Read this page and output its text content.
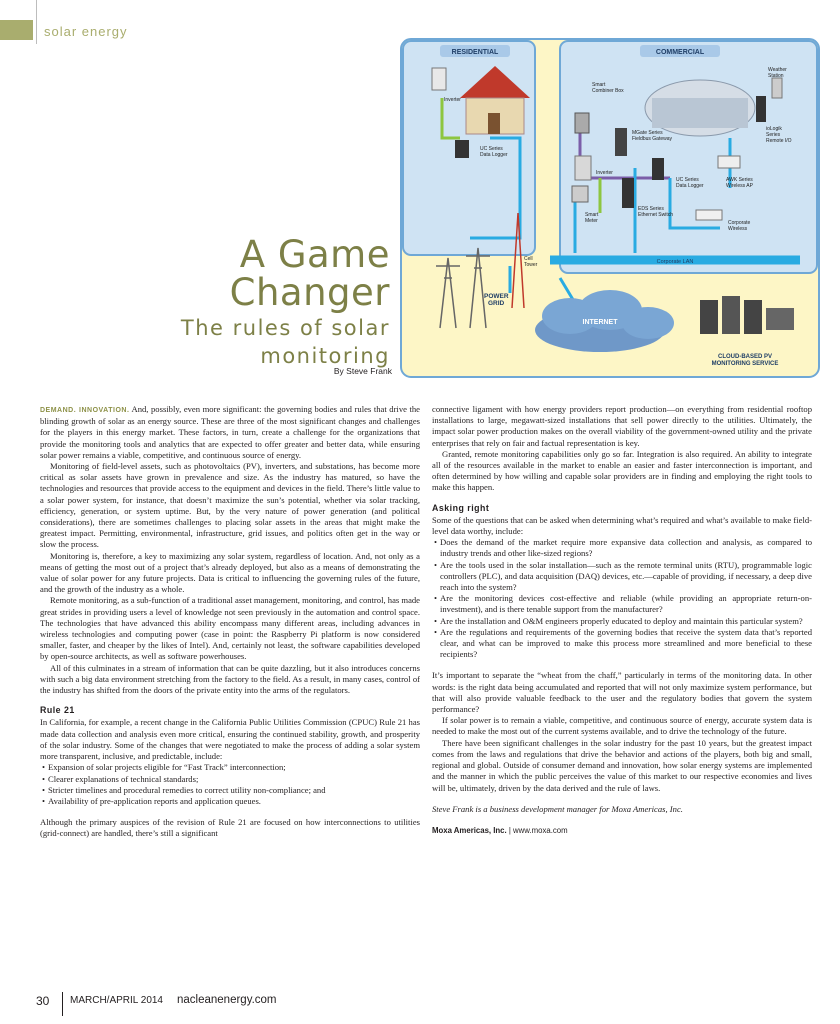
solar energy
A Game
Changer
The rules of solar
monitoring
By Steve Frank
RESIDENTIAL	COMMERCIAL
Corporate LAN
Inverter
UC Series
Data Logger
Smart
Combiner Box
MGate Series
Fieldbus Gateway
Weather
Station
ioLogik
Series
Remote I/O
Inverter
UC Series
Data Logger
AWK Series
Wireless AP
EDS Series
Ethernet Switch
Smart
Meter	Corporate
Wireless
Cell
Tower
POWER
GRID
INTERNET
CLOUD-BASED PV
MONITORING SERVICE

DEMAND. INNOVATION. And, possibly, even more significant: the governing bodies and rules that drive the blinding growth of solar as an energy source. These are three of the most significant changes and challenges for the players in this energy market. These factors, in turn, create a challenge for the organizations that provide the monitoring tools and analytics that are expected to offer greater and better data, while ensuring solar power remains a viable, competitive, and continuous source of energy.

Monitoring of field-level assets, such as photovoltaics (PV), inverters, and substations, has become more critical as solar assets have grown in prevalence and size. As the industry has matured, so have the technologies and resources that provide access to the equipment and devices in the field. There’s little value to a solar power system, for instance, that doesn’t maximize the sun’s potential, whether via solar tracking, efficiency, generation, or system uptime. But, by the very nature of power generation (and political considerations), there are sometimes challenges to placing solar assets in the areas that might make the greatest impact. Permitting, environmental, infrastructure, grid issues, and politics often get in the way or slow the process.

Monitoring is, therefore, a key to maximizing any solar system, regardless of location. And, not only as a means of getting the most out of a project that’s already deployed, but also as a means of demonstrating the value of solar power for any future projects. Data is critical to influencing the governing rules of the future, and the growth of the industry as a whole.

Remote monitoring, as a sub-function of a traditional asset management, monitoring, and control, has made great strides in providing users a level of knowledge not seen previously in the automation and control space. The technologies that have advanced this ability encompass many different areas, including advances in wireless technologies and computing power (case in point: the Raspberry Pi platform is now considered smaller, faster, and cheaper by the likes of Intel). And, certainly not least, the software capabilities developed by open-source architects, as well as software powerhouses.

All of this culminates in a stream of information that can be quite dazzling, but it also introduces concerns with such a big data environment stretching from the factory to the field. As a result, in many cases, control of the industry has shifted from the doors of the private entity into the arms of the regulators.

Rule 21

In California, for example, a recent change in the California Public Utilities Commission (CPUC) Rule 21 has made data collection and analysis even more critical, ensuring the continued stability, growth, and prosperity of the solar industry. Some of the changes that were negotiated to make the process of adding a solar system more transparent, inclusive, and predictable, include:

• Expansion of solar projects eligible for “Fast Track” interconnection;
• Clearer explanations of technical standards;
• Stricter timelines and procedural remedies to correct utility non-compliance; and
• Availability of pre-application reports and application queues.

Although the primary auspices of the revision of Rule 21 are focused on how interconnections to utilities (grid-connect) are handled, there’s still a significant

connective ligament with how energy providers report production—on everything from residential rooftop installations to large, megawatt-sized installations that sell power directly to the utilities. Ultimately, the impact solar power production makes on the overall viability of the government-owned utility and the private enterprises that rely on fair and factual representation is key.

Granted, remote monitoring capabilities only go so far. Integration is also required. An ability to integrate all of the resources available in the market to enable an easier and faster interconnection is important, and often determined by how willing and capable solar providers are in finding and employing the right tools to make this happen.

Asking right

Some of the questions that can be asked when determining what’s required and what’s available to make field-level data worthy, include:

• Does the demand of the market require more expansive data collection and analysis, as compared to industry trends and other like-sized regions?
• Are the tools used in the solar installation—such as the remote terminal units (RTU), programmable logic controllers (PLC), and data acquisition (DAQ) devices, etc.—capable of providing, if necessary, a deep dive reach into the system?
• Are the monitoring devices cost-effective and reliable (while providing an appropriate return-on-investment), and is there tenable support from the manufacturer?
• Are the installation and O&M engineers properly educated to deploy and maintain this particular system?
• Are the regulations and requirements of the governing bodies that receive the system data that’s reported clear, and what can be improved to make this process more streamlined and more beneficial to these recipients?

It’s important to separate the “wheat from the chaff,” particularly in terms of the monitoring data. In other words: is the right data being accumulated and reported that will not only maximize system performance, but that will also provide valuable feedback to the user and the regulatory bodies that govern the system performance?

If solar power is to remain a viable, competitive, and continuous source of energy, accurate system data is needed to make the most out of the current systems available, and to drive the technology of the future.

There have been significant challenges in the solar industry for the past 10 years, but the greatest impact comes from the laws and regulations that drive the behavior and actions of the players, both big and small, regional and global. Outside of consumer demand and innovation, how solar energy systems are implemented and the manner in which the public perceives the value of this market to our respective economies and lives will be, ultimately, driven by the data derived and the rule of laws.

Steve Frank is a business development manager for Moxa Americas, Inc.

Moxa Americas, Inc. | www.moxa.com

30 MARCH/APRIL 2014 nacleanenergy.com
